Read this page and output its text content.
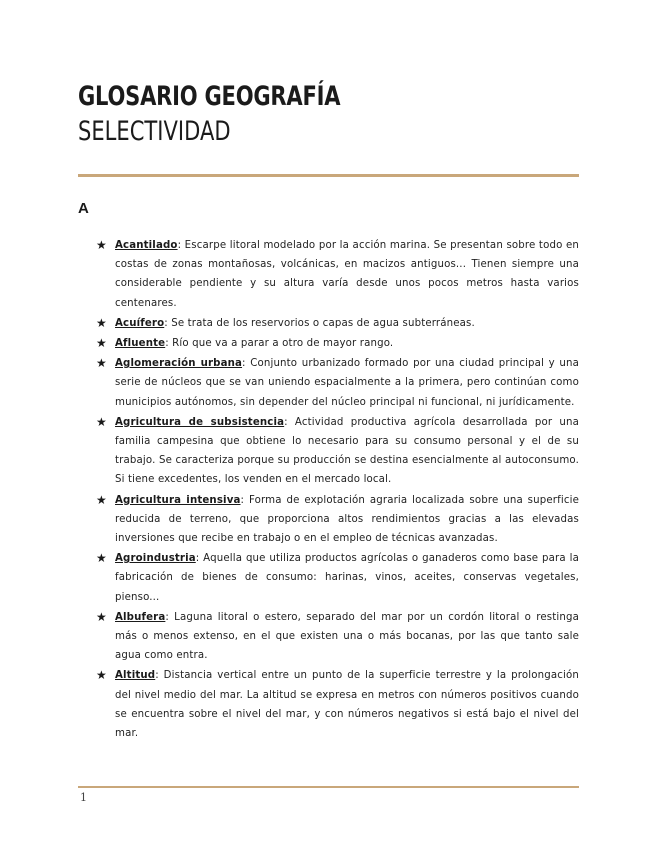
GLOSARIO GEOGRAFÍA
SELECTIVIDAD
A
★ Acantilado: Escarpe litoral modelado por la acción marina. Se presentan sobre todo en costas de zonas montañosas, volcánicas, en macizos antiguos... Tienen siempre una considerable pendiente y su altura varía desde unos pocos metros hasta varios centenares.
★ Acuífero: Se trata de los reservorios o capas de agua subterráneas.
★ Afluente: Río que va a parar a otro de mayor rango.
★ Aglomeración urbana: Conjunto urbanizado formado por una ciudad principal y una serie de núcleos que se van uniendo espacialmente a la primera, pero continúan como municipios autónomos, sin depender del núcleo principal ni funcional, ni jurídicamente.
★ Agricultura de subsistencia: Actividad productiva agrícola desarrollada por una familia campesina que obtiene lo necesario para su consumo personal y el de su trabajo. Se caracteriza porque su producción se destina esencialmente al autoconsumo. Si tiene excedentes, los venden en el mercado local.
★ Agricultura intensiva: Forma de explotación agraria localizada sobre una superficie reducida de terreno, que proporciona altos rendimientos gracias a las elevadas inversiones que recibe en trabajo o en el empleo de técnicas avanzadas.
★ Agroindustria: Aquella que utiliza productos agrícolas o ganaderos como base para la fabricación de bienes de consumo: harinas, vinos, aceites, conservas vegetales, pienso...
★ Albufera: Laguna litoral o estero, separado del mar por un cordón litoral o restinga más o menos extenso, en el que existen una o más bocanas, por las que tanto sale agua como entra.
★ Altitud: Distancia vertical entre un punto de la superficie terrestre y la prolongación del nivel medio del mar. La altitud se expresa en metros con números positivos cuando se encuentra sobre el nivel del mar, y con números negativos si está bajo el nivel del mar.
1
